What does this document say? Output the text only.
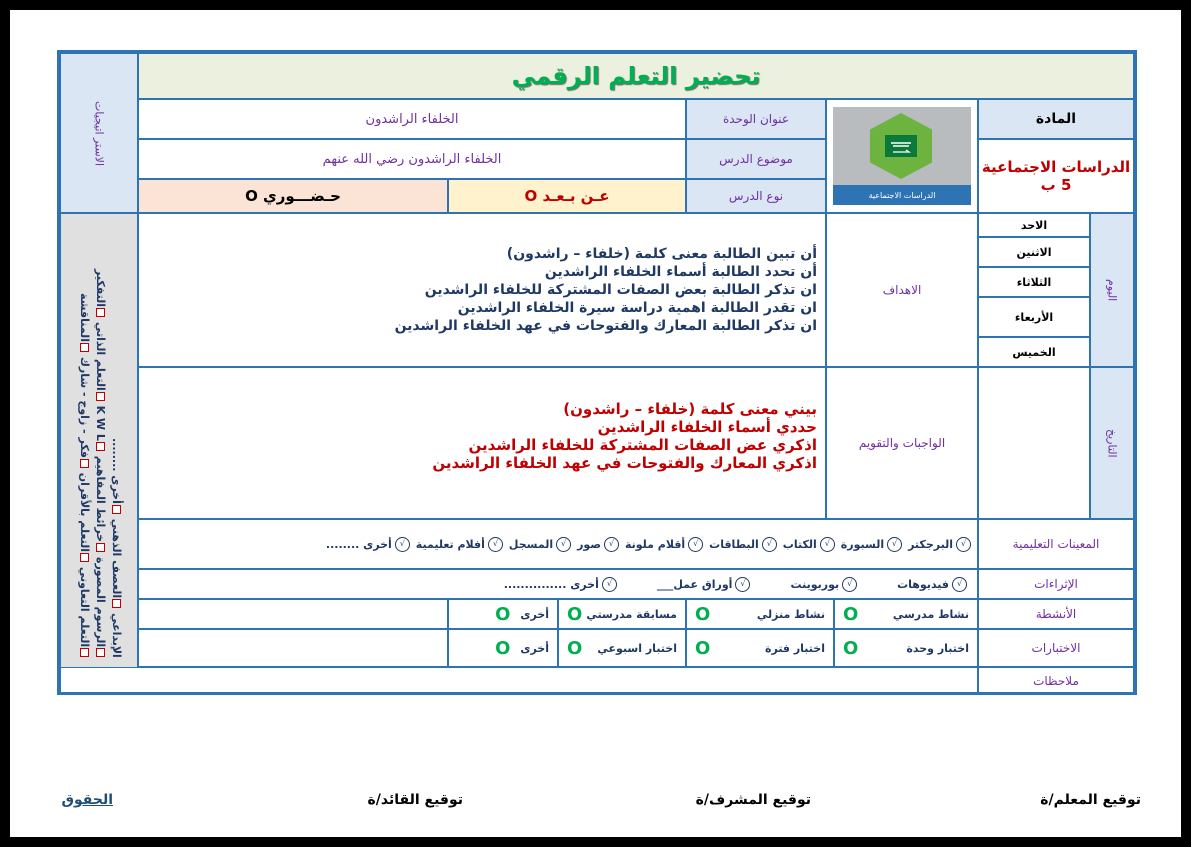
تحضير التعلم الرقمي
الاستر اتيجيات	المادة
الدراسات الاجتماعية
5 ب
الدراسات الاجتماعية
عنوان الوحدة
الخلفاء الراشدون
موضوع الدرس
الخلفاء الراشدون رضي الله عنهم
نوع الدرس
عـن بـعـد O
حـضـــوري O
الاحد
الاثنين
الثلاثاء
الأربعاء
الخميس
اليوم
الاهداف
أن تبين الطالبة معنى كلمة (خلفاء – راشدون)
أن تحدد الطالبة أسماء الخلفاء الراشدين
ان تذكر الطالبة بعض الصفات المشتركة للخلفاء الراشدين
ان تقدر الطالبة اهمية دراسة سيرة الخلفاء الراشدين
ان تذكر الطالبة المعارك والفتوحات في عهد الخلفاء الراشدين
التاريخ
الواجبات والتقويم
بيني معنى كلمة (خلفاء – راشدون)
حددي أسماء الخلفاء الراشدين
اذكري عض الصفات المشتركة للخلفاء الراشدين
اذكري المعارك والفتوحات في عهد الخلفاء الراشدين
المعينات التعليمية
√
البرجكتر
√
السبورة
√
الكتاب
√
البطاقات
√
أقلام ملونة
√
صور
√
المسجل
√
أفلام تعليمية
√
أخرى ........
الإثراءات
√
فيديوهات
√
بوربوينت
√
أوراق عمل___
√
أخرى ...............
الأنشطة
نشاط مدرسي
O
نشاط منزلي
O
مسابقة مدرستي
O
أخرى
O
الاختبارات
اختبار وحدة
O
اختبار فترة
O
اختبار اسبوعي
O
أخرى
O
ملاحظات
التعلم التعاوني التعلم بالأقران فكر - زاوج - شارك المناقشة
الرسوم المصورة خرائط المفاهيم K W L التعلم الذاتي التفكير
الإبداعي العصف الذهني أخرى ........
توقيع المعلم/ة
توقيع المشرف/ة
توقيع القائد/ة
الحقوق
